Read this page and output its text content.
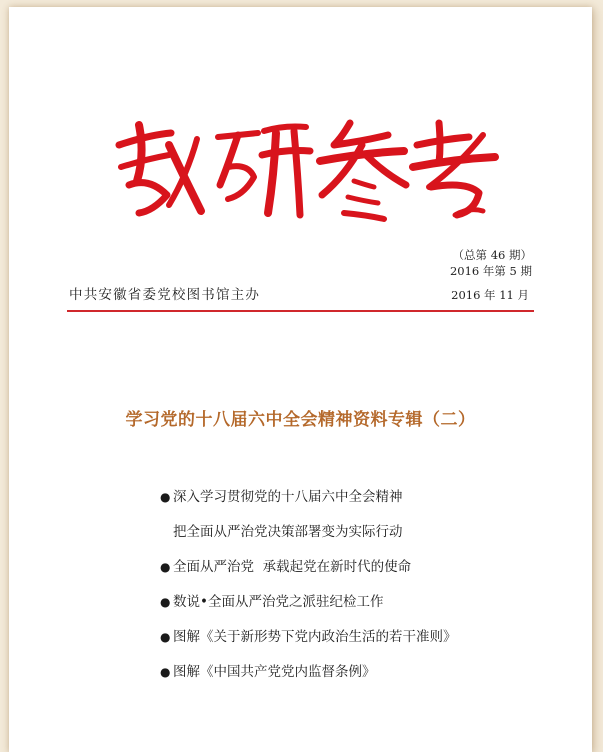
（总第 46 期）
2016 年第 5 期
中共安徽省委党校图书馆主办	2016 年 11 月
学习党的十八届六中全会精神资料专辑（二）
● 深入学习贯彻党的十八届六中全会精神
把全面从严治党决策部署变为实际行动
● 全面从严治党  承载起党在新时代的使命
● 数说•全面从严治党之派驻纪检工作
● 图解《关于新形势下党内政治生活的若干准则》
● 图解《中国共产党党内监督条例》
